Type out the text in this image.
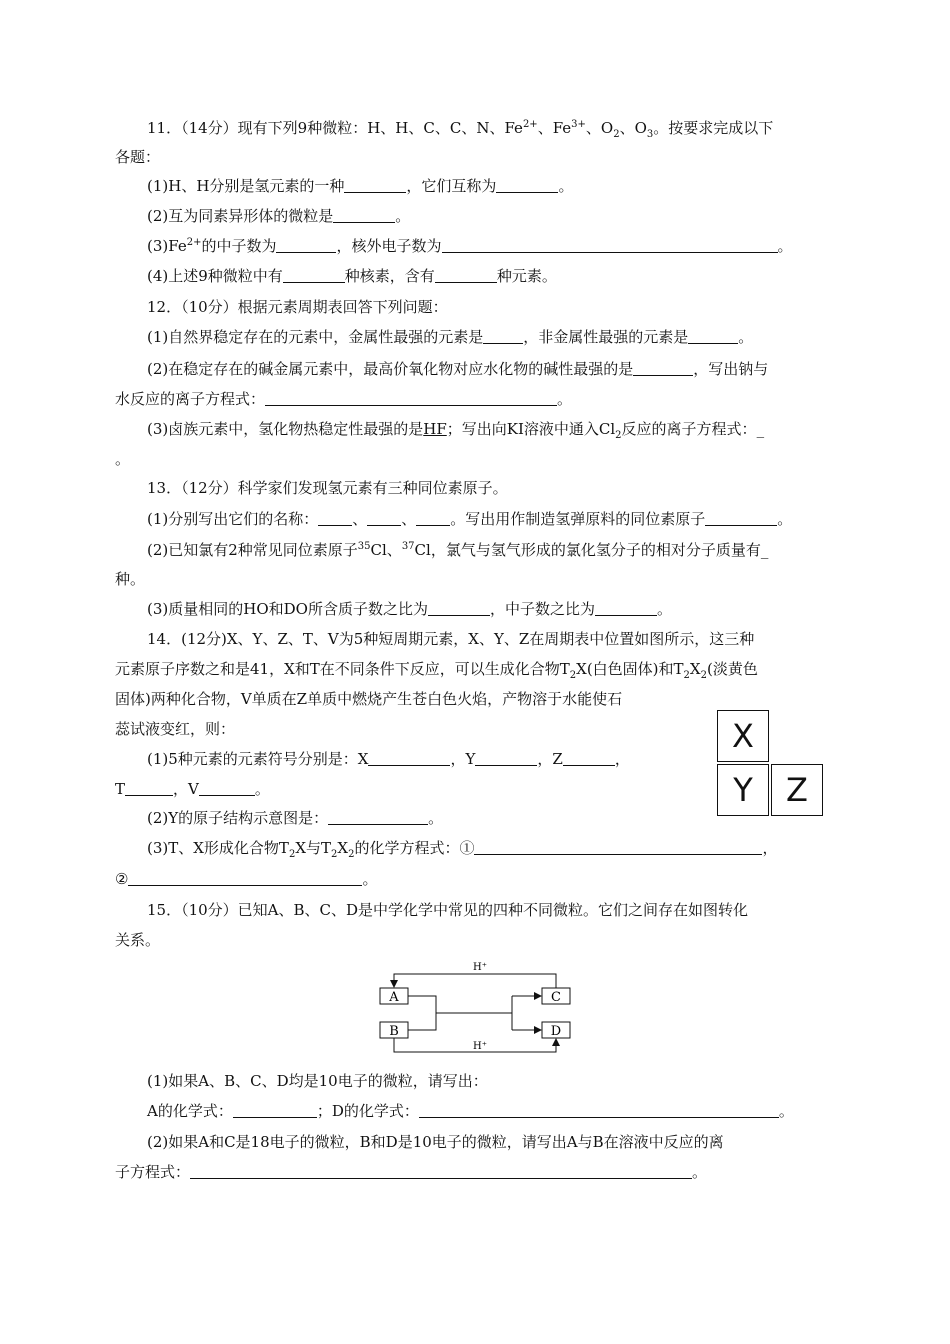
11．（14分）现有下列9种微粒：H、H、C、C、N、$Fe^{2+}$、$Fe^{3+}$、$O_2$、$O_3$。按要求完成以下
各题：
(1)H、H分别是氢元素的一种	，它们互称为	。
(2)互为同素异形体的微粒是	。
$(3)Fe^{2+}$的中子数为	，核外电子数为	。
(4)上述9种微粒中有	种核素，含有	种元素。
12．（10分）根据元素周期表回答下列问题：
(1)自然界稳定存在的元素中，金属性最强的元素是	，非金属性最强的元素是	。
(2)在稳定存在的碱金属元素中，最高价氧化物对应水化物的碱性最强的是	，写出钠与
水反应的离子方程式：	。
(3)卤族元素中，氢化物热稳定性最强的是HF；写出向KI溶液中通入$Cl_2$反应的离子方程式：_
。
13．（12分）科学家们发现氢元素有三种同位素原子。
(1)分别写出它们的名称： 、 、 。写出用作制造氢弹原料的同位素原子	。
(2)已知氯有2种常见同位素原子$^{35}$Cl、$^{37}$Cl，氯气与氢气形成的氯化氢分子的相对分子质量有_
种。
(3)质量相同的HO和DO所含质子数之比为	，中子数之比为	。
14．(12分)X、Y、Z、T、V为5种短周期元素，X、Y、Z在周期表中位置如图所示，这三种
元素原子序数之和是41，X和T在不同条件下反应，可以生成化合物$T_2X$(白色固体)和$T_2X_2$(淡黄色
固体)两种化合物，V单质在Z单质中燃烧产生苍白色火焰，产物溶于水能使石
蕊试液变红，则：	X
Y	Z
(1)5种元素的元素符号分别是：X	，Y	，Z	，
T	，V	。
(2)Y的原子结构示意图是：	。
(3)T、X形成化合物$T_2X$与$T_2X_2$的化学方程式：①	，
②	。
15．（10分）已知A、B、C、D是中学化学中常见的四种不同微粒。它们之间存在如图转化
关系。
A
B
C
D
H⁺
H⁺
(1)如果A、B、C、D均是10电子的微粒，请写出：
A的化学式：	；D的化学式：	。
(2)如果A和C是18电子的微粒，B和D是10电子的微粒，请写出A与B在溶液中反应的离
子方程式：	。
